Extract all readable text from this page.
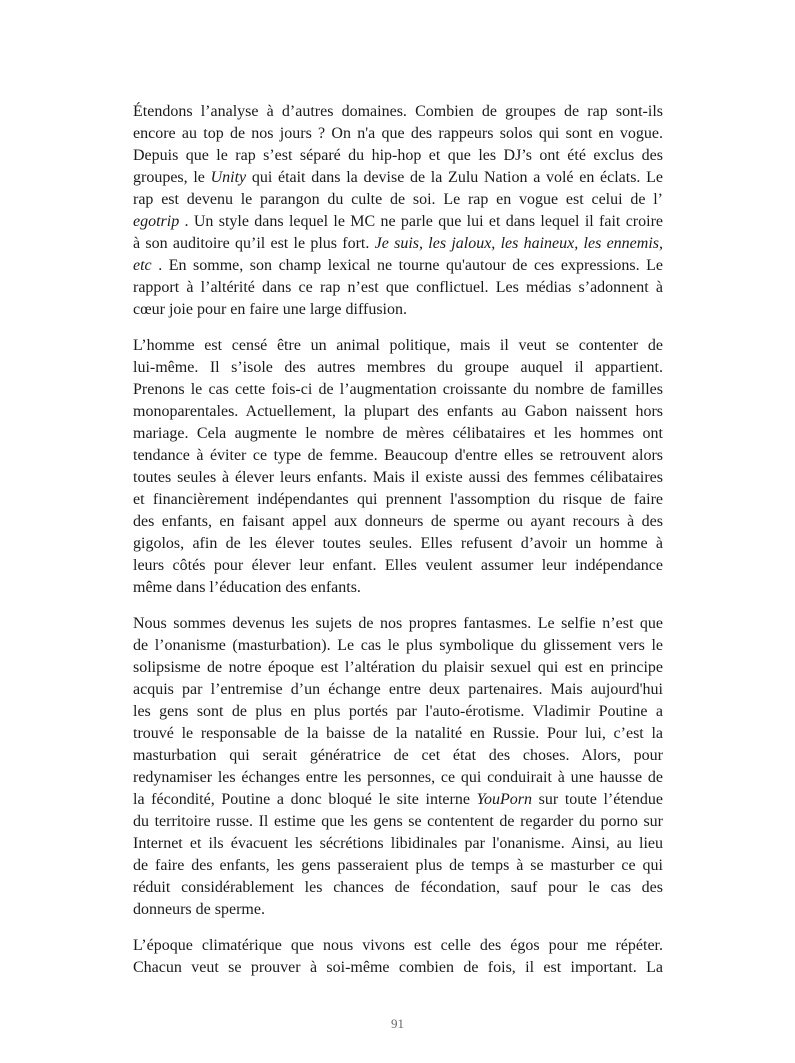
Étendons l’analyse à d’autres domaines. Combien de groupes de rap sont-ils
encore au top de nos jours ? On n'a que des rappeurs solos qui sont en vogue.
Depuis que le rap s’est séparé du hip-hop et que les DJ’s ont été exclus des
groupes, le Unity qui était dans la devise de la Zulu Nation a volé en éclats. Le
rap est devenu le parangon du culte de soi. Le rap en vogue est celui de l’
egotrip . Un style dans lequel le MC ne parle que lui et dans lequel il fait croire
à son auditoire qu’il est le plus fort. Je suis, les jaloux, les haineux, les ennemis,
etc . En somme, son champ lexical ne tourne qu'autour de ces expressions. Le
rapport à l’altérité dans ce rap n’est que conflictuel. Les médias s’adonnent à
cœur joie pour en faire une large diffusion.
L’homme est censé être un animal politique, mais il veut se contenter de
lui-même. Il s’isole des autres membres du groupe auquel il appartient.
Prenons le cas cette fois-ci de l’augmentation croissante du nombre de familles
monoparentales. Actuellement, la plupart des enfants au Gabon naissent hors
mariage. Cela augmente le nombre de mères célibataires et les hommes ont
tendance à éviter ce type de femme. Beaucoup d'entre elles se retrouvent alors
toutes seules à élever leurs enfants. Mais il existe aussi des femmes célibataires
et financièrement indépendantes qui prennent l'assomption du risque de faire
des enfants, en faisant appel aux donneurs de sperme ou ayant recours à des
gigolos, afin de les élever toutes seules. Elles refusent d’avoir un homme à
leurs côtés pour élever leur enfant. Elles veulent assumer leur indépendance
même dans l’éducation des enfants.
Nous sommes devenus les sujets de nos propres fantasmes. Le selfie n’est que
de l’onanisme (masturbation). Le cas le plus symbolique du glissement vers le
solipsisme de notre époque est l’altération du plaisir sexuel qui est en principe
acquis par l’entremise d’un échange entre deux partenaires. Mais aujourd'hui
les gens sont de plus en plus portés par l'auto-érotisme. Vladimir Poutine a
trouvé le responsable de la baisse de la natalité en Russie. Pour lui, c’est la
masturbation qui serait génératrice de cet état des choses. Alors, pour
redynamiser les échanges entre les personnes, ce qui conduirait à une hausse de
la fécondité, Poutine a donc bloqué le site interne YouPorn sur toute l’étendue
du territoire russe. Il estime que les gens se contentent de regarder du porno sur
Internet et ils évacuent les sécrétions libidinales par l'onanisme. Ainsi, au lieu
de faire des enfants, les gens passeraient plus de temps à se masturber ce qui
réduit considérablement les chances de fécondation, sauf pour le cas des
donneurs de sperme.
L’époque climatérique que nous vivons est celle des égos pour me répéter.
Chacun veut se prouver à soi-même combien de fois, il est important. La
91
